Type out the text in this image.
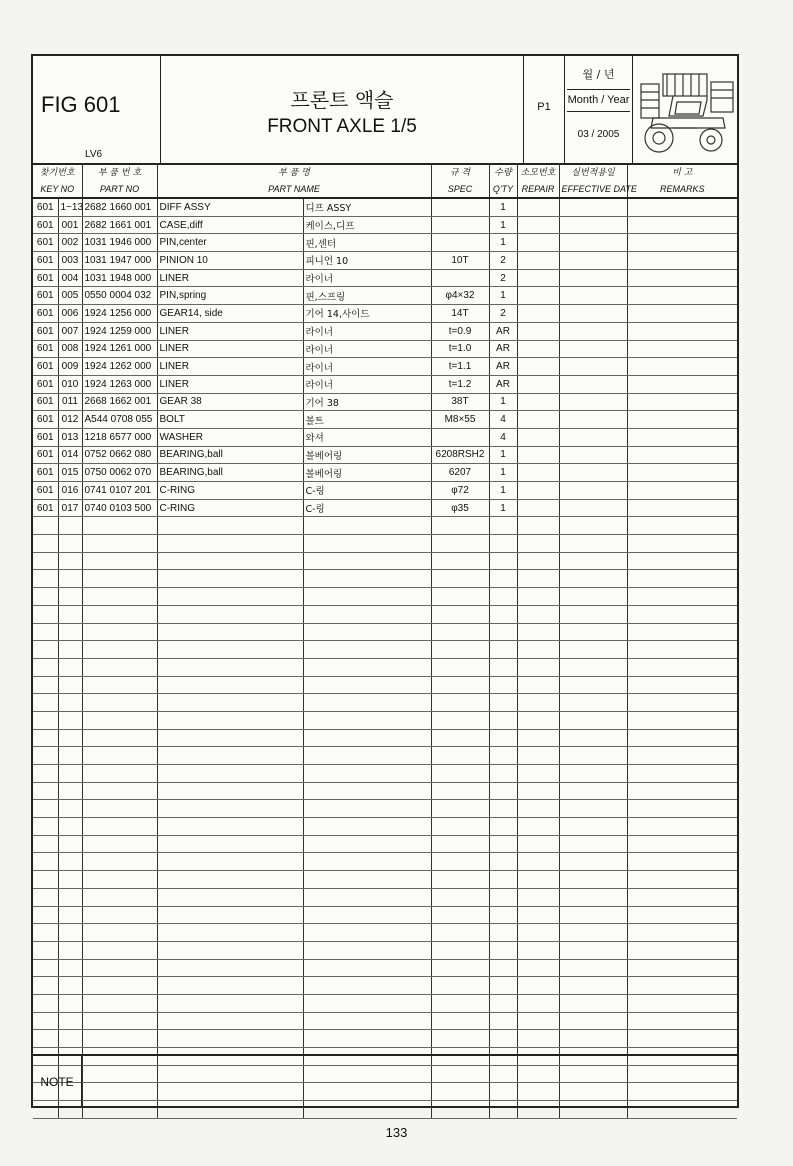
FIG 601
LV6
프론트 액슬
FRONT AXLE 1/5
P1
월 / 년
Month / Year
03 / 2005
찾기번호		부 품 번 호	부 품 명		규 격	수량	소모번호	실번적용일	비 고
KEY NO		PART NO	PART NAME		SPEC	Q'TY	REPAIR	EFFECTIVE DATE	REMARKS
601	1~13	2682 1660 001	DIFF ASSY	디프 ASSY		1			
601	001	2682 1661 001	CASE,diff	케이스,디프		1			
601	002	1031 1946 000	PIN,center	핀,센터		1			
601	003	1031 1947 000	PINION 10	피니언 10	10T	2			
601	004	1031 1948 000	LINER	라이너		2			
601	005	0550 0004 032	PIN,spring	핀,스프링	φ4×32	1			
601	006	1924 1256 000	GEAR14, side	기어 14,사이드	14T	2			
601	007	1924 1259 000	LINER	라이너	t=0.9	AR			
601	008	1924 1261 000	LINER	라이너	t=1.0	AR			
601	009	1924 1262 000	LINER	라이너	t=1.1	AR			
601	010	1924 1263 000	LINER	라이너	t=1.2	AR			
601	011	2668 1662 001	GEAR 38	기어 38	38T	1			
601	012	A544 0708 055	BOLT	볼트	M8×55	4			
601	013	1218 6577 000	WASHER	와셔		4			
601	014	0752 0662 080	BEARING,ball	볼베어링	6208RSH2	1			
601	015	0750 0062 070	BEARING,ball	볼베어링	6207	1			
601	016	0741 0107 201	C-RING	C-링	φ72	1			
601	017	0740 0103 500	C-RING	C-링	φ35	1			

NOTE
133
